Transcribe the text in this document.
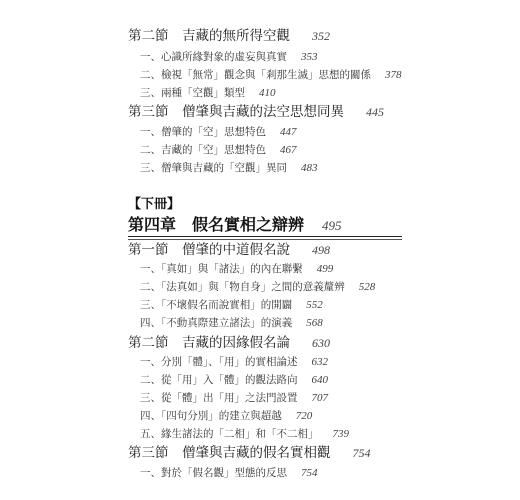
第二節　吉藏的無所得空觀 352
一、心識所緣對象的虛妄與真實 353
二、檢視「無常」觀念與「剎那生滅」思想的關係 378
三、兩種「空觀」類型 410
第三節　僧肇與吉藏的法空思想同異 445
一、僧肇的「空」思想特色 447
二、吉藏的「空」思想特色 467
三、僧肇與吉藏的「空觀」異同 483
【下冊】
第四章　假名實相之辯辨 495
第一節　僧肇的中道假名說 498
一、「真如」與「諸法」的內在聯繫 499
二、「法真如」與「物自身」之間的意義釐辨 528
三、「不壞假名而說實相」的開闢 552
四、「不動真際建立諸法」的演義 568
第二節　吉藏的因緣假名論 630
一、分別「體」、「用」的實相論述 632
二、從「用」入「體」的觀法路向 640
三、從「體」出「用」之法門設置 707
四、「四句分別」的建立與超越 720
五、緣生諸法的「二相」和「不二相」 739
第三節　僧肇與吉藏的假名實相觀 754
一、對於「假名觀」型態的反思 754
